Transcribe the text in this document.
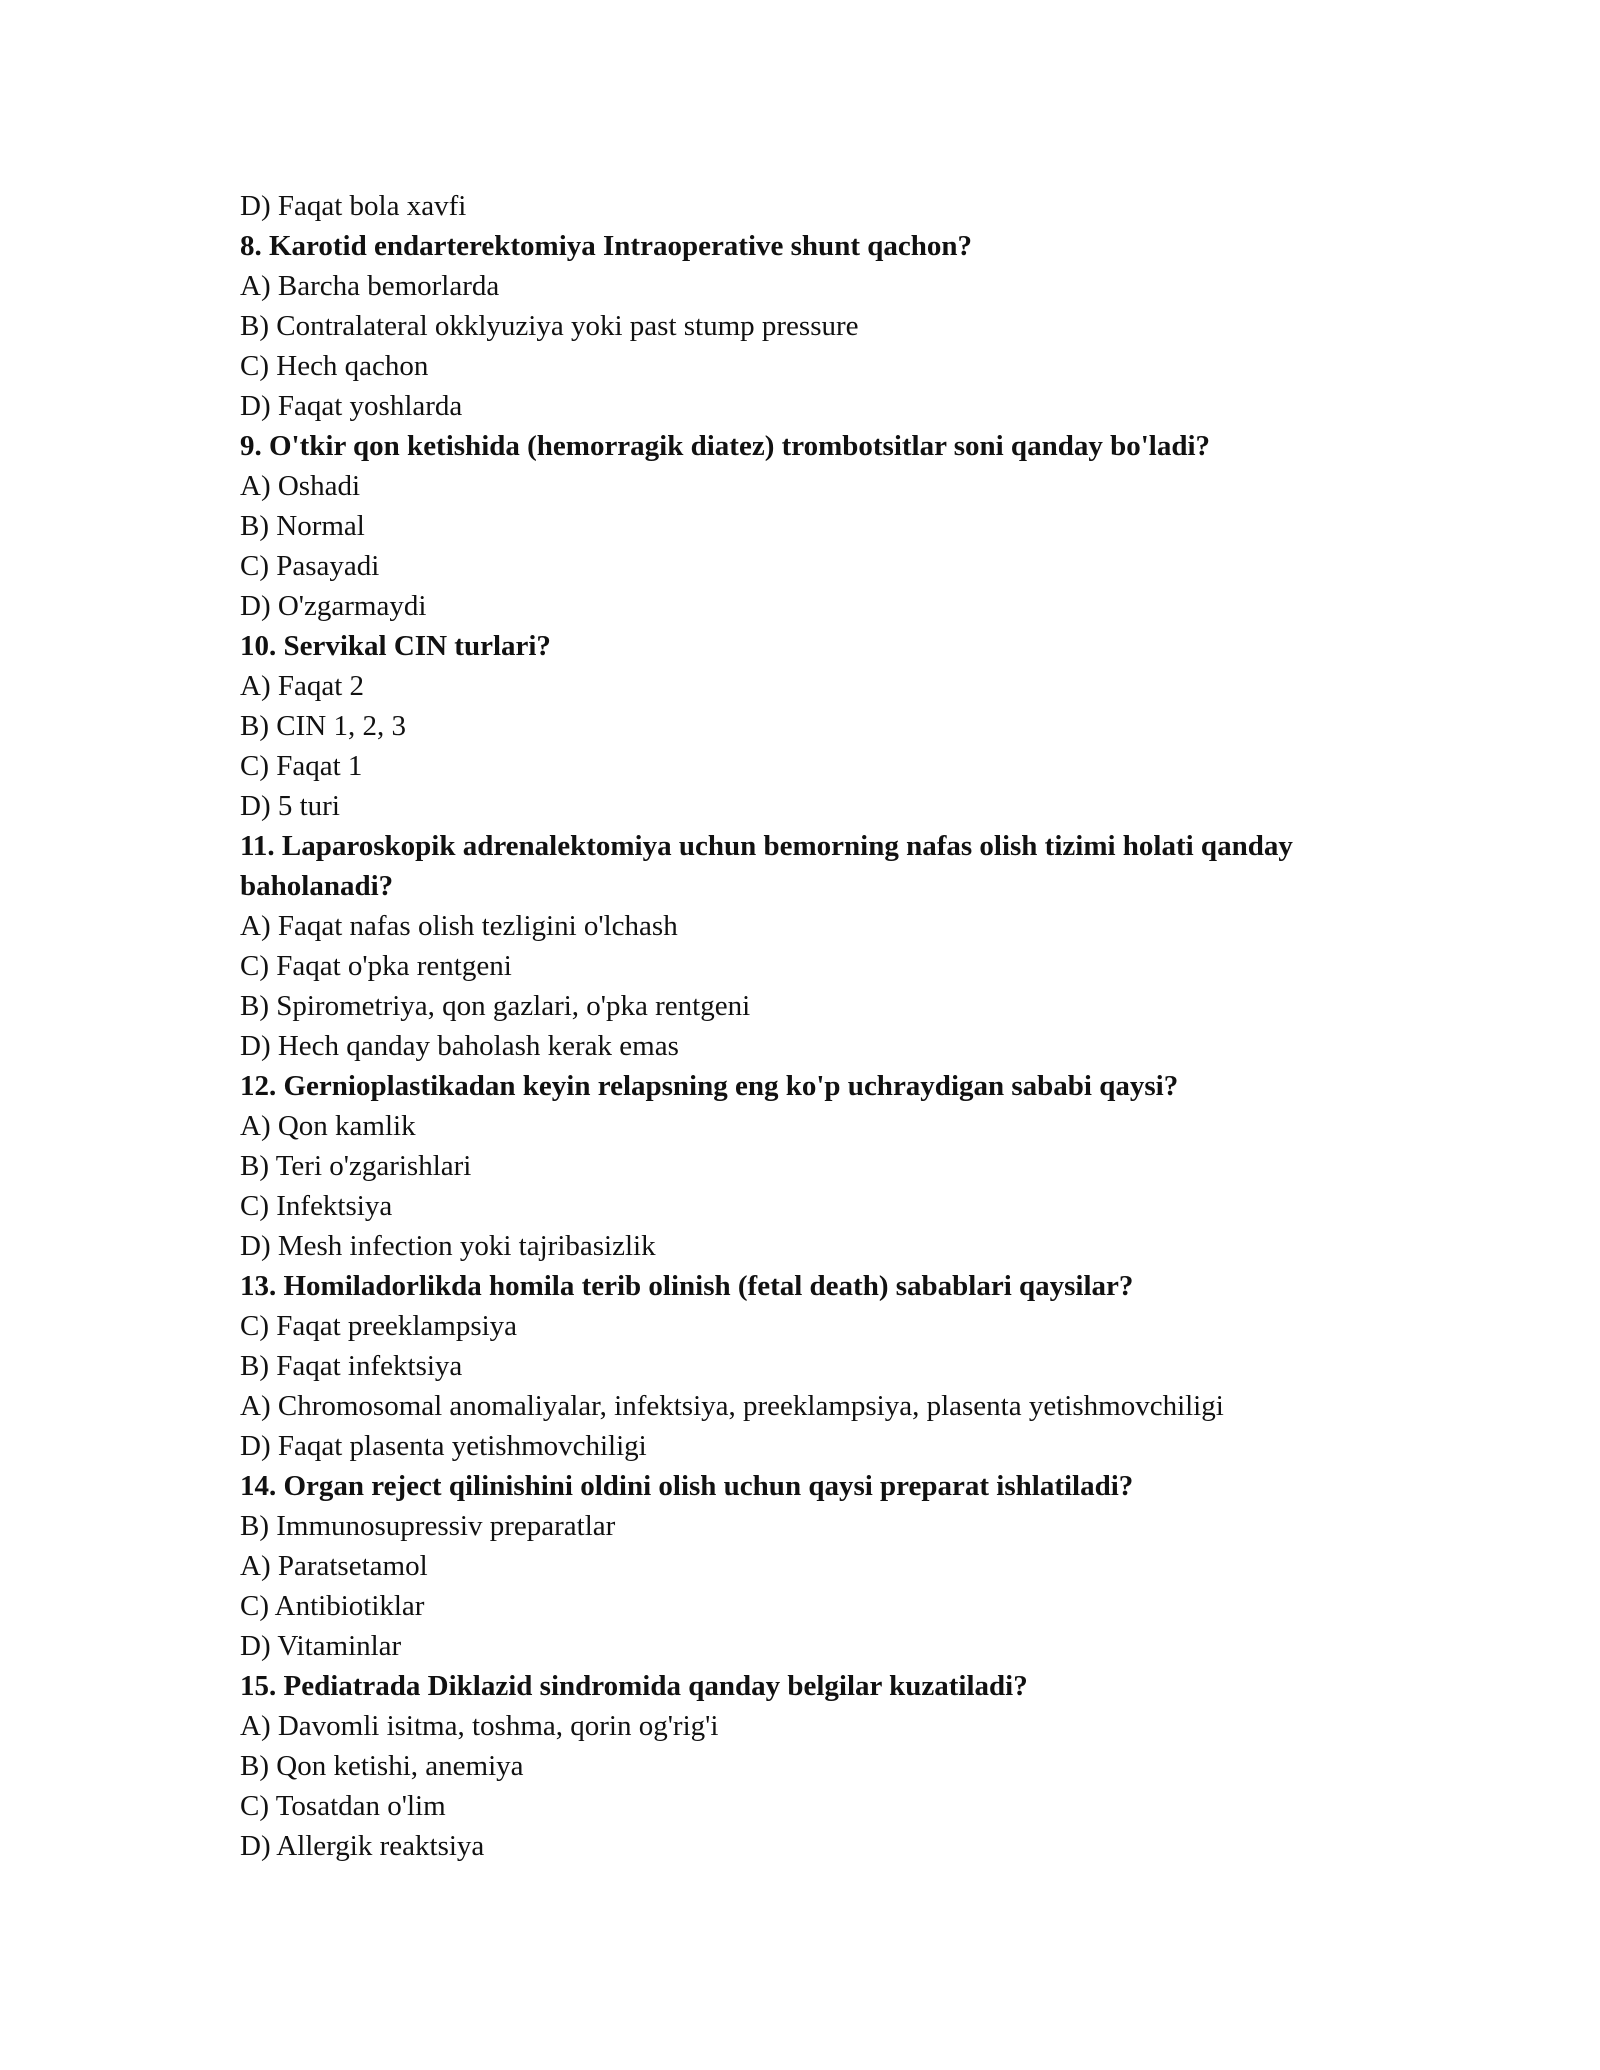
D) Faqat bola xavfi

8. Karotid endarterektomiya Intraoperative shunt qachon?

A) Barcha bemorlarda

B) Contralateral okklyuziya yoki past stump pressure

C) Hech qachon

D) Faqat yoshlarda

9. O'tkir qon ketishida (hemorragik diatez) trombotsitlar soni qanday bo'ladi?

A) Oshadi

B) Normal

C) Pasayadi

D) O'zgarmaydi

10. Servikal CIN turlari?

A) Faqat 2

B) CIN 1, 2, 3

C) Faqat 1

D) 5 turi

11. Laparoskopik adrenalektomiya uchun bemorning nafas olish tizimi holati qanday baholanadi?

A) Faqat nafas olish tezligini o'lchash

C) Faqat o'pka rentgeni

B) Spirometriya, qon gazlari, o'pka rentgeni

D) Hech qanday baholash kerak emas

12. Gernioplastikadan keyin relapsning eng ko'p uchraydigan sababi qaysi?

A) Qon kamlik

B) Teri o'zgarishlari

C) Infektsiya

D) Mesh infection yoki tajribasizlik

13. Homiladorlikda homila terib olinish (fetal death) sabablari qaysilar?

C) Faqat preeklampsiya

B) Faqat infektsiya

A) Chromosomal anomaliyalar, infektsiya, preeklampsiya, plasenta yetishmovchiligi

D) Faqat plasenta yetishmovchiligi

14. Organ reject qilinishini oldini olish uchun qaysi preparat ishlatiladi?

B) Immunosupressiv preparatlar

A) Paratsetamol

C) Antibiotiklar

D) Vitaminlar

15. Pediatrada Diklazid sindromida qanday belgilar kuzatiladi?

A) Davomli isitma, toshma, qorin og'rig'i

B) Qon ketishi, anemiya

C) Tosatdan o'lim

D) Allergik reaktsiya
